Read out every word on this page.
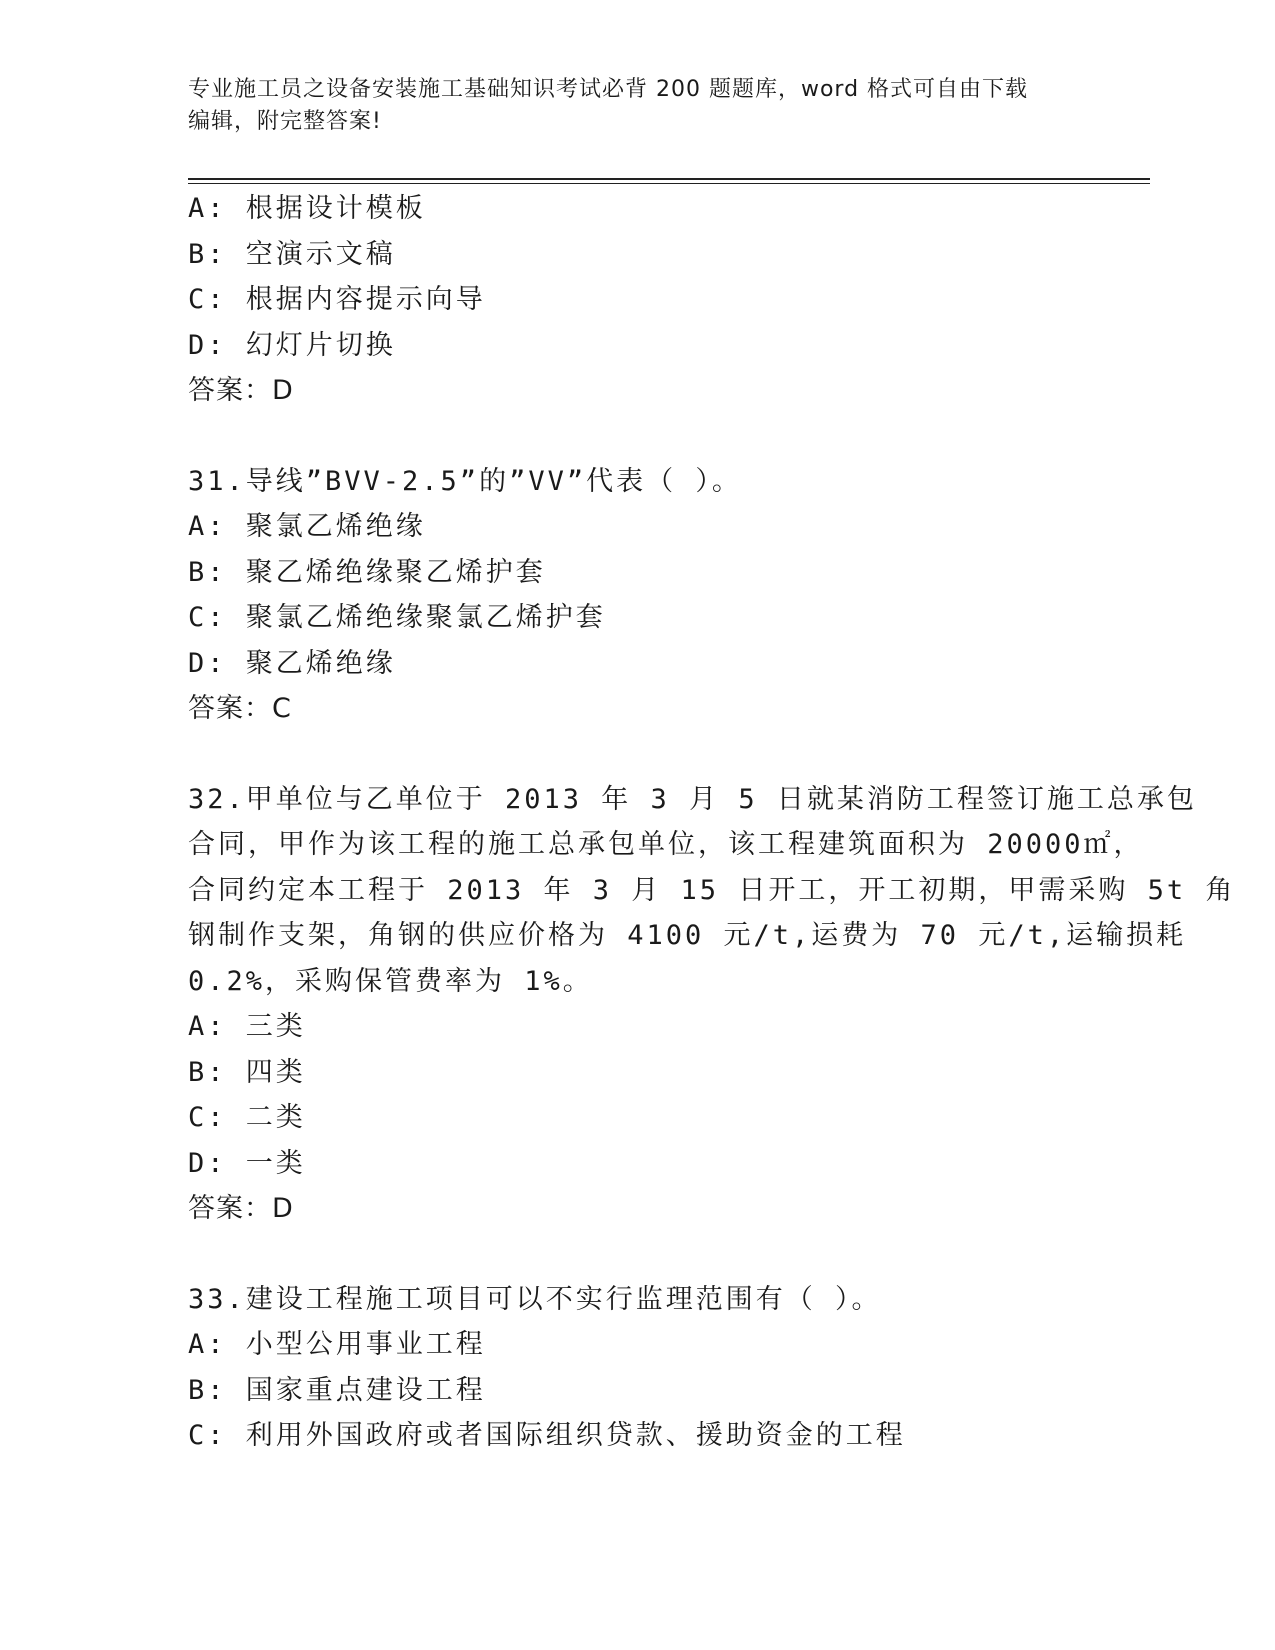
专业施工员之设备安装施工基础知识考试必背 200 题题库，word 格式可自由下载
编辑，附完整答案!
A: 根据设计模板
B: 空演示文稿
C: 根据内容提示向导
D: 幻灯片切换
答案：D
31.导线”BVV-2.5”的”VV”代表（ ）。
A: 聚氯乙烯绝缘
B: 聚乙烯绝缘聚乙烯护套
C: 聚氯乙烯绝缘聚氯乙烯护套
D: 聚乙烯绝缘
答案：C
32.甲单位与乙单位于 2013 年 3 月 5 日就某消防工程签订施工总承包
合同，甲作为该工程的施工总承包单位，该工程建筑面积为 20000㎡，
合同约定本工程于 2013 年 3 月 15 日开工，开工初期，甲需采购 5t 角
钢制作支架，角钢的供应价格为 4100 元/t,运费为 70 元/t,运输损耗
0.2%，采购保管费率为 1%。
A: 三类
B: 四类
C: 二类
D: 一类
答案：D
33.建设工程施工项目可以不实行监理范围有（ ）。
A: 小型公用事业工程
B: 国家重点建设工程
C: 利用外国政府或者国际组织贷款、援助资金的工程
